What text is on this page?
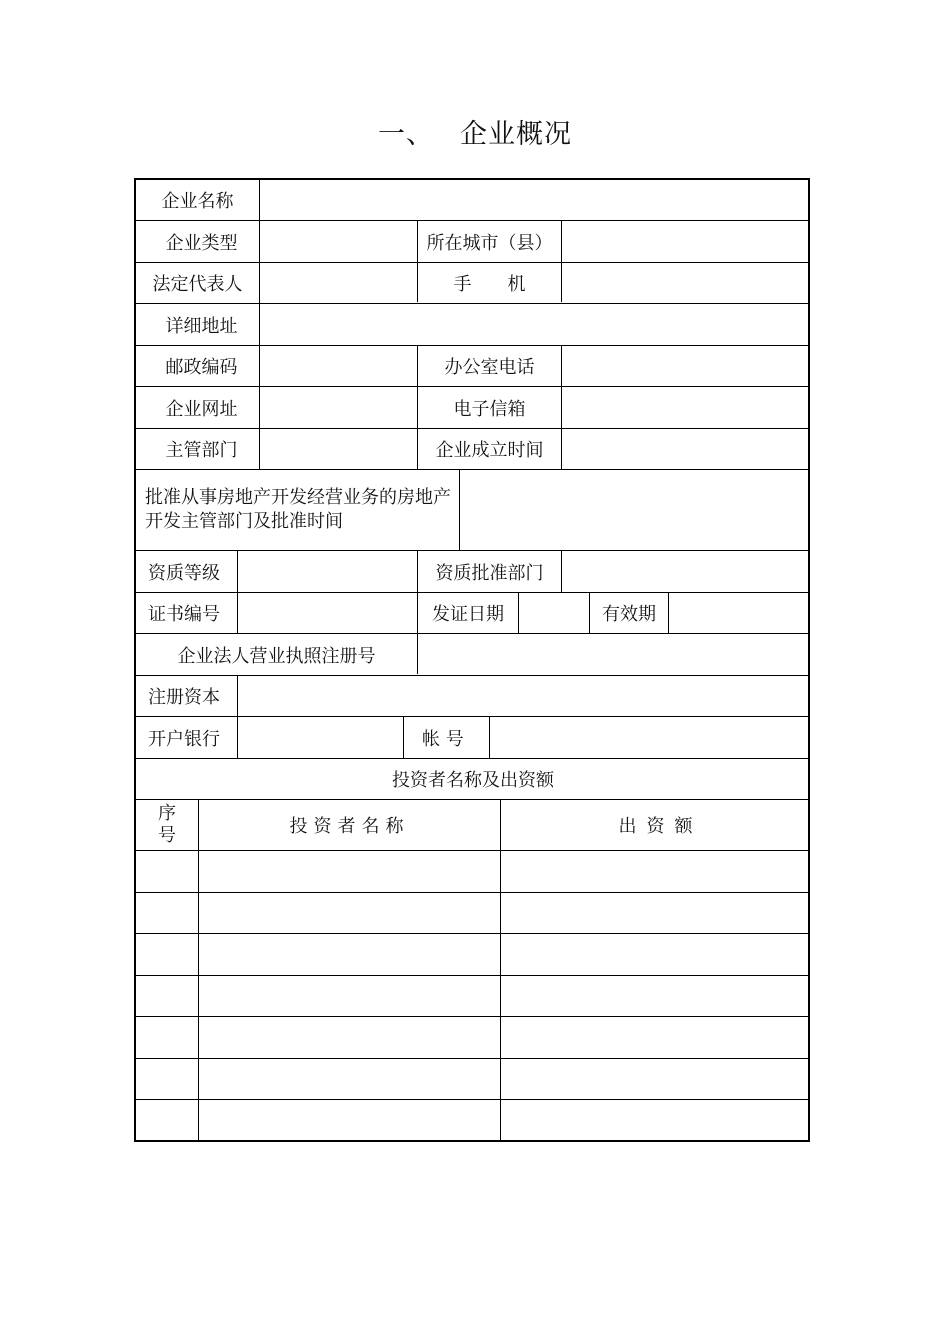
一、 企业概况
企业名称
企业类型	所在城市（县）
法定代表人	手　　机
详细地址
邮政编码	办公室电话
企业网址	电子信箱
主管部门	企业成立时间
批准从事房地产开发经营业务的房地产开发主管部门及批准时间
资质等级	资质批准部门
证书编号	发证日期	有效期
企业法人营业执照注册号
注册资本
开户银行	帐 号
投资者名称及出资额
序号	投资者名称	出资额
